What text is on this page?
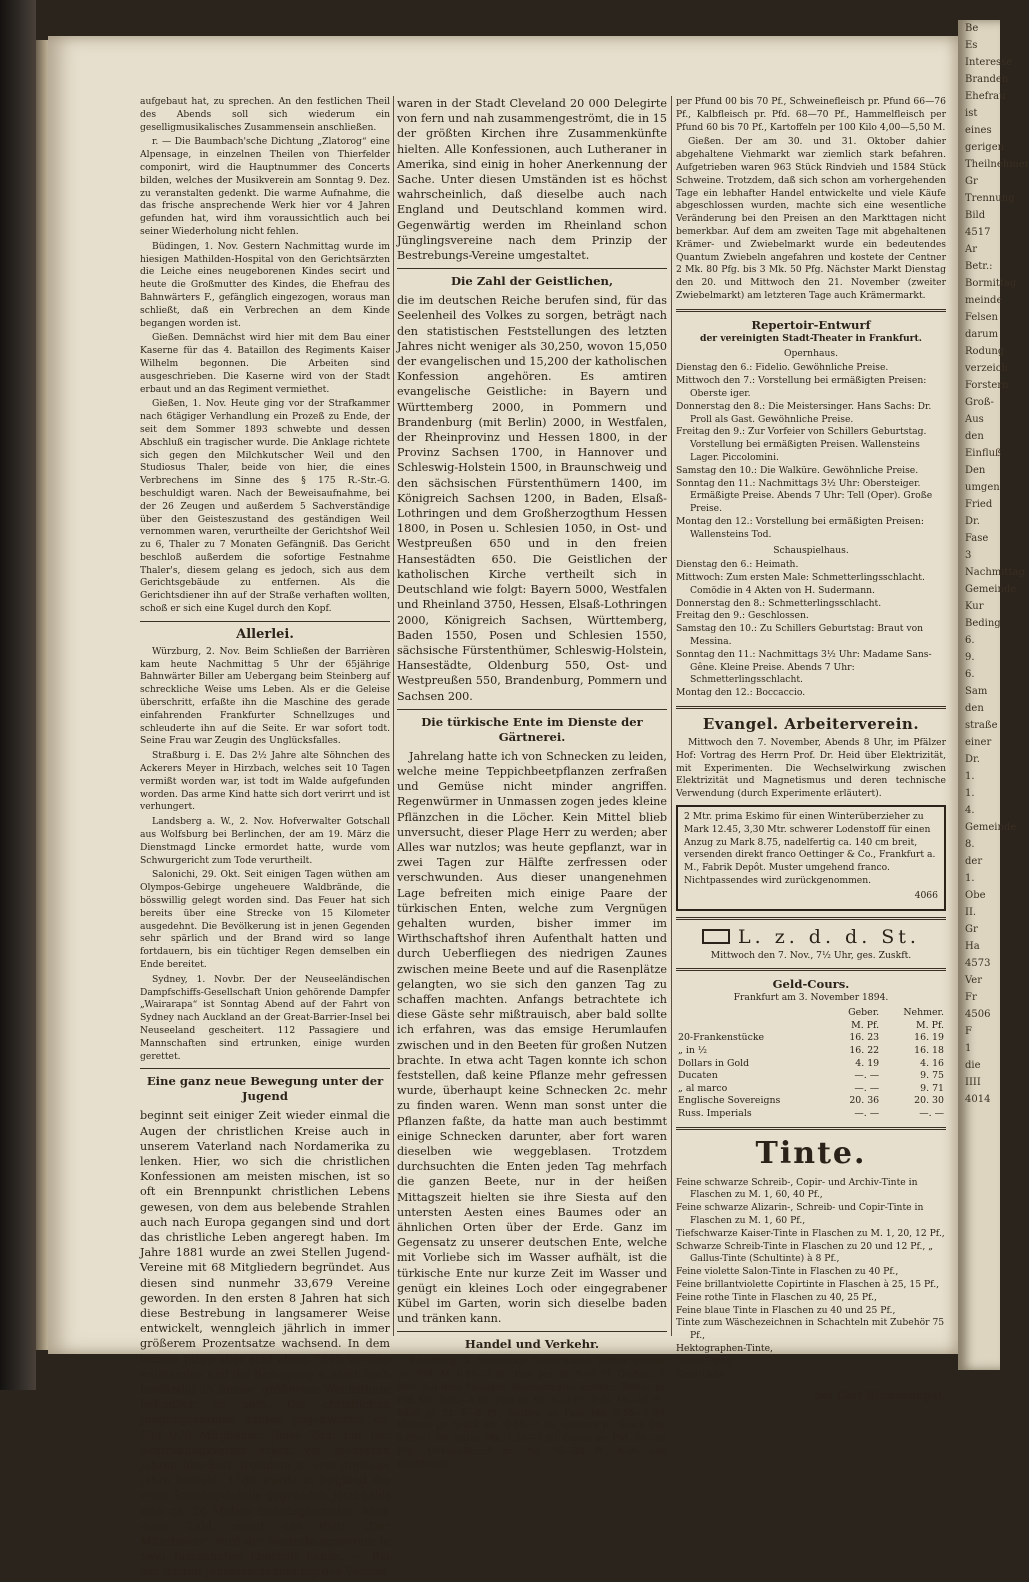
aufgebaut hat, zu sprechen. An den festlichen Theil des Abends soll sich wiederum ein geselligmusikalisches Zusammensein anschließen.

r. — Die Baumbach'sche Dichtung „Zlatorog“ eine Alpensage, in einzelnen Theilen von Thierfelder componirt, wird die Hauptnummer des Concerts bilden, welches der Musikverein am Sonntag 9. Dez. zu veranstalten gedenkt. Die warme Aufnahme, die das frische ansprechende Werk hier vor 4 Jahren gefunden hat, wird ihm voraussichtlich auch bei seiner Wiederholung nicht fehlen.

Büdingen, 1. Nov. Gestern Nachmittag wurde im hiesigen Mathilden-Hospital von den Gerichtsärzten die Leiche eines neugeborenen Kindes secirt und heute die Großmutter des Kindes, die Ehefrau des Bahnwärters F., gefänglich eingezogen, woraus man schließt, daß ein Verbrechen an dem Kinde begangen worden ist.

Gießen. Demnächst wird hier mit dem Bau einer Kaserne für das 4. Bataillon des Regiments Kaiser Wilhelm begonnen. Die Arbeiten sind ausgeschrieben. Die Kaserne wird von der Stadt erbaut und an das Regiment vermiethet.

Gießen, 1. Nov. Heute ging vor der Strafkammer nach 6tägiger Verhandlung ein Prozeß zu Ende, der seit dem Sommer 1893 schwebte und dessen Abschluß ein tragischer wurde. Die Anklage richtete sich gegen den Milchkutscher Weil und den Studiosus Thaler, beide von hier, die eines Verbrechens im Sinne des § 175 R.-Str.-G. beschuldigt waren. Nach der Beweisaufnahme, bei der 26 Zeugen und außerdem 5 Sachverständige über den Geisteszustand des geständigen Weil vernommen waren, verurtheilte der Gerichtshof Weil zu 6, Thaler zu 7 Monaten Gefängniß. Das Gericht beschloß außerdem die sofortige Festnahme Thaler's, diesem gelang es jedoch, sich aus dem Gerichtsgebäude zu entfernen. Als die Gerichtsdiener ihn auf der Straße verhaften wollten, schoß er sich eine Kugel durch den Kopf.

Allerlei.

Würzburg, 2. Nov. Beim Schließen der Barrièren kam heute Nachmittag 5 Uhr der 65jährige Bahnwärter Biller am Uebergang beim Steinberg auf schreckliche Weise ums Leben. Als er die Geleise überschritt, erfaßte ihn die Maschine des gerade einfahrenden Frankfurter Schnellzuges und schleuderte ihn auf die Seite. Er war sofort todt. Seine Frau war Zeugin des Unglücksfalles.

Straßburg i. E. Das 2½ Jahre alte Söhnchen des Ackerers Meyer in Hirzbach, welches seit 10 Tagen vermißt worden war, ist todt im Walde aufgefunden worden. Das arme Kind hatte sich dort verirrt und ist verhungert.

Landsberg a. W., 2. Nov. Hofverwalter Gotschall aus Wolfsburg bei Berlinchen, der am 19. März die Dienstmagd Lincke ermordet hatte, wurde vom Schwurgericht zum Tode verurtheilt.

Salonichi, 29. Okt. Seit einigen Tagen wüthen am Olympos-Gebirge ungeheuere Waldbrände, die bösswillig gelegt worden sind. Das Feuer hat sich bereits über eine Strecke von 15 Kilometer ausgedehnt. Die Bevölkerung ist in jenen Gegenden sehr spärlich und der Brand wird so lange fortdauern, bis ein tüchtiger Regen demselben ein Ende bereitet.

Sydney, 1. Novbr. Der der Neuseeländischen Dampfschiffs-Gesellschaft Union gehörende Dampfer „Wairarapa“ ist Sonntag Abend auf der Fahrt von Sydney nach Auckland an der Great-Barrier-Insel bei Neuseeland gescheitert. 112 Passagiere und Mannschaften sind ertrunken, einige wurden gerettet.

Eine ganz neue Bewegung unter der Jugend

beginnt seit einiger Zeit wieder einmal die Augen der christlichen Kreise auch in unserem Vaterland nach Nordamerika zu lenken. Hier, wo sich die christlichen Konfessionen am meisten mischen, ist so oft ein Brennpunkt christlichen Lebens gewesen, von dem aus belebende Strahlen auch nach Europa gegangen sind und dort das christliche Leben angeregt haben. Im Jahre 1881 wurde an zwei Stellen Jugend-Vereine mit 68 Mitgliedern begründet. Aus diesen sind nunmehr 33,679 Vereine geworden. In den ersten 8 Jahren hat sich diese Bestrebung in langsamerer Weise entwickelt, wenngleich jährlich in immer größerem Prozentsatze wachsend. In dem letzten Jahre aber sind allein 7395 Vereine entstanden und die Bewegung scheint noch beständig in immer größerem Wachsthum befindlich zu sein. Die christlichen Jünglingsvereine zählen gegenwärtig ca. 500 000 Mitglieder. Diese Zahl hat der Bestrebungsverein schon vor mehreren Jahren überholt, trotzdem er erst dreizehn Jahre besteht. 1780 wurde in England die erste Sonntagsschule gegründet. Jetzt zählt man ca. 20 Million Sonntagsschüler. Auch diese Zahl, meint das Blatt „Der Mitarbeiter“ wird der Bestrebungsverein in zwei Jahrzehnten überholt haben. — Bei der letzten Jahresversammlung des Vereins

waren in der Stadt Cleveland 20 000 Delegirte von fern und nah zusammengeströmt, die in 15 der größten Kirchen ihre Zusammenkünfte hielten. Alle Konfessionen, auch Lutheraner in Amerika, sind einig in hoher Anerkennung der Sache. Unter diesen Umständen ist es höchst wahrscheinlich, daß dieselbe auch nach England und Deutschland kommen wird. Gegenwärtig werden im Rheinland schon Jünglingsvereine nach dem Prinzip der Bestrebungs-Vereine umgestaltet.

Die Zahl der Geistlichen,

die im deutschen Reiche berufen sind, für das Seelenheil des Volkes zu sorgen, beträgt nach den statistischen Feststellungen des letzten Jahres nicht weniger als 30,250, wovon 15,050 der evangelischen und 15,200 der katholischen Konfession angehören. Es amtiren evangelische Geistliche: in Bayern und Württemberg 2000, in Pommern und Brandenburg (mit Berlin) 2000, in Westfalen, der Rheinprovinz und Hessen 1800, in der Provinz Sachsen 1700, in Hannover und Schleswig-Holstein 1500, in Braunschweig und den sächsischen Fürstenthümern 1400, im Königreich Sachsen 1200, in Baden, Elsaß-Lothringen und dem Großherzogthum Hessen 1800, in Posen u. Schlesien 1050, in Ost- und Westpreußen 650 und in den freien Hansestädten 650. Die Geistlichen der katholischen Kirche vertheilt sich in Deutschland wie folgt: Bayern 5000, Westfalen und Rheinland 3750, Hessen, Elsaß-Lothringen 2000, Königreich Sachsen, Württemberg, Baden 1550, Posen und Schlesien 1550, sächsische Fürstenthümer, Schleswig-Holstein, Hansestädte, Oldenburg 550, Ost- und Westpreußen 550, Brandenburg, Pommern und Sachsen 200.

Die türkische Ente im Dienste der Gärtnerei.

Jahrelang hatte ich von Schnecken zu leiden, welche meine Teppichbeetpflanzen zerfraßen und Gemüse nicht minder angriffen. Regenwürmer in Unmassen zogen jedes kleine Pflänzchen in die Löcher. Kein Mittel blieb unversucht, dieser Plage Herr zu werden; aber Alles war nutzlos; was heute gepflanzt, war in zwei Tagen zur Hälfte zerfressen oder verschwunden. Aus dieser unangenehmen Lage befreiten mich einige Paare der türkischen Enten, welche zum Vergnügen gehalten wurden, bisher immer im Wirthschaftshof ihren Aufenthalt hatten und durch Ueberfliegen des niedrigen Zaunes zwischen meine Beete und auf die Rasenplätze gelangten, wo sie sich den ganzen Tag zu schaffen machten. Anfangs betrachtete ich diese Gäste sehr mißtrauisch, aber bald sollte ich erfahren, was das emsige Herumlaufen zwischen und in den Beeten für großen Nutzen brachte. In etwa acht Tagen konnte ich schon feststellen, daß keine Pflanze mehr gefressen wurde, überhaupt keine Schnecken 2c. mehr zu finden waren. Wenn man sonst unter die Pflanzen faßte, da hatte man auch bestimmt einige Schnecken darunter, aber fort waren dieselben wie weggeblasen. Trotzdem durchsuchten die Enten jeden Tag mehrfach die ganzen Beete, nur in der heißen Mittagszeit hielten sie ihre Siesta auf den untersten Aesten eines Baumes oder an ähnlichen Orten über der Erde. Ganz im Gegensatz zu unserer deutschen Ente, welche mit Vorliebe sich im Wasser aufhält, ist die türkische Ente nur kurze Zeit im Wasser und genügt ein kleines Loch oder eingegrabener Kübel im Garten, worin sich dieselbe baden und tränken kann.

Handel und Verkehr.

Friedberg, 3. November. Buttermarkt. Butter kostete per Pfd. M. 0.85—1.00, Eier per St. 9—0 Pf. Gießen, 3. Nov. Auf dem heutigen Wochenmarkt kostete: Butter pr. Pfd. Mk. 0.95—1.00, Eier pr. St. 0—0 Pf., 2 St. 14—16 Pf., Käse pr. St. 4—8 Pf., Tauben pr. Paar Mk. 0.50—1.00, Hühner pr. Stück Mk. 0.85—1.00, Hahnen pr. Stück Mk. 0.85—1.00, Enten Mk. 1.30—1.80, Gänse pr. Pfd. 54—65 Pfg., Ochsenfleisch pr. Pfd. 76—80 Pf., Kuh- und Rindfleisch

per Pfund 00 bis 70 Pf., Schweinefleisch pr. Pfund 66—76 Pf., Kalbfleisch pr. Pfd. 68—70 Pf., Hammelfleisch per Pfund 60 bis 70 Pf., Kartoffeln per 100 Kilo 4,00—5,50 M.

Gießen. Der am 30. und 31. Oktober dahier abgehaltene Viehmarkt war ziemlich stark befahren. Aufgetrieben waren 963 Stück Rindvieh und 1584 Stück Schweine. Trotzdem, daß sich schon am vorhergehenden Tage ein lebhafter Handel entwickelte und viele Käufe abgeschlossen wurden, machte sich eine wesentliche Veränderung bei den Preisen an den Markttagen nicht bemerkbar. Auf dem am zweiten Tage mit abgehaltenen Krämer- und Zwiebelmarkt wurde ein bedeutendes Quantum Zwiebeln angefahren und kostete der Centner 2 Mk. 80 Pfg. bis 3 Mk. 50 Pfg. Nächster Markt Dienstag den 20. und Mittwoch den 21. November (zweiter Zwiebelmarkt) am letzteren Tage auch Krämermarkt.

Repertoir-Entwurf

der vereinigten Stadt-Theater in Frankfurt.

Opernhaus.

Dienstag den 6.: Fidelio. Gewöhnliche Preise.

Mittwoch den 7.: Vorstellung bei ermäßigten Preisen: Oberste iger.

Donnerstag den 8.: Die Meistersinger. Hans Sachs: Dr. Proll als Gast. Gewöhnliche Preise.

Freitag den 9.: Zur Vorfeier von Schillers Geburtstag. Vorstellung bei ermäßigten Preisen. Wallensteins Lager. Piccolomini.

Samstag den 10.: Die Walküre. Gewöhnliche Preise.

Sonntag den 11.: Nachmittags 3½ Uhr: Obersteiger. Ermäßigte Preise. Abends 7 Uhr: Tell (Oper). Große Preise.

Montag den 12.: Vorstellung bei ermäßigten Preisen: Wallensteins Tod.

Schauspielhaus.

Dienstag den 6.: Heimath.

Mittwoch: Zum ersten Male: Schmetterlingsschlacht. Comödie in 4 Akten von H. Sudermann.

Donnerstag den 8.: Schmetterlingsschlacht.

Freitag den 9.: Geschlossen.

Samstag den 10.: Zu Schillers Geburtstag: Braut von Messina.

Sonntag den 11.: Nachmittags 3½ Uhr: Madame Sans-Gêne. Kleine Preise. Abends 7 Uhr: Schmetterlingsschlacht.

Montag den 12.: Boccaccio.

Evangel. Arbeiterverein.

Mittwoch den 7. November, Abends 8 Uhr, im Pfälzer Hof: Vortrag des Herrn Prof. Dr. Heid über Elektrizität, mit Experimenten. Die Wechselwirkung zwischen Elektrizität und Magnetismus und deren technische Verwendung (durch Experimente erläutert).

2 Mtr. prima Eskimo für einen Winterüberzieher zu Mark 12.45, 3,30 Mtr. schwerer Lodenstoff für einen Anzug zu Mark 8.75, nadelfertig ca. 140 cm breit, versenden direkt franco Oettinger & Co., Frankfurt a. M., Fabrik Depôt. Muster umgehend franco. Nichtpassendes wird zurückgenommen.

4066

L. z. d. d. St.

Mittwoch den 7. Nov., 7½ Uhr, ges. Zuskft.

Geld-Cours.

Frankfurt am 3. November 1894.

	Geber.	Nehmer.
	M. Pf.	M. Pf.
20-Frankenstücke	16. 23	16. 19
„ in ½	16. 22	16. 18
Dollars in Gold	4. 19	4. 16
Ducaten	—. —	9. 75
„ al marco	—. —	9. 71
Englische Sovereigns	20. 36	20. 30
Russ. Imperials	—. —	—. —
Tinte.

Feine schwarze Schreib-, Copir- und Archiv-Tinte in Flaschen zu M. 1, 60, 40 Pf.,

Feine schwarze Alizarin-, Schreib- und Copir-Tinte in Flaschen zu M. 1, 60 Pf.,

Tiefschwarze Kaiser-Tinte in Flaschen zu M. 1, 20, 12 Pf.,

Schwarze Schreib-Tinte in Flaschen zu 20 und 12 Pf., „ Gallus-Tinte (Schultinte) à 8 Pf.,

Feine violette Salon-Tinte in Flaschen zu 40 Pf.,

Feine brillantviolette Copirtinte in Flaschen à 25, 15 Pf.,

Feine rothe Tinte in Flaschen zu 40, 25 Pf.,

Feine blaue Tinte in Flaschen zu 40 und 25 Pf.,

Tinte zum Wäschezeichnen in Schachteln mit Zubehör 75 Pf.,

Hektographen-Tinte,

Silber-Tinte,

Gold-Tinte

bei Carl Bindernagel.
Be
Es
Interesse
Branden
Ehefrau
ist
eines
gerigen
Theilnehmer
Gr
Trennung
Bild
4517
Ar
Betr.:
Bormittag
meinde
Felsen
darum
Rodung
verzeich
Forstern
Groß-
Aus
den
Einfluß
Den
umgen
Fried
Dr.
Fase
3
Nachmittag
Gemeinde
Kur
Beding
6.
9.
6.
Sam
den
straße
einer
Dr.
1.
1.
4.
Gemeinde
8.
der
1.
Obe
II.
Gr
Ha
4573
Ver
Fr
4506
F
1
die
IIII
4014
